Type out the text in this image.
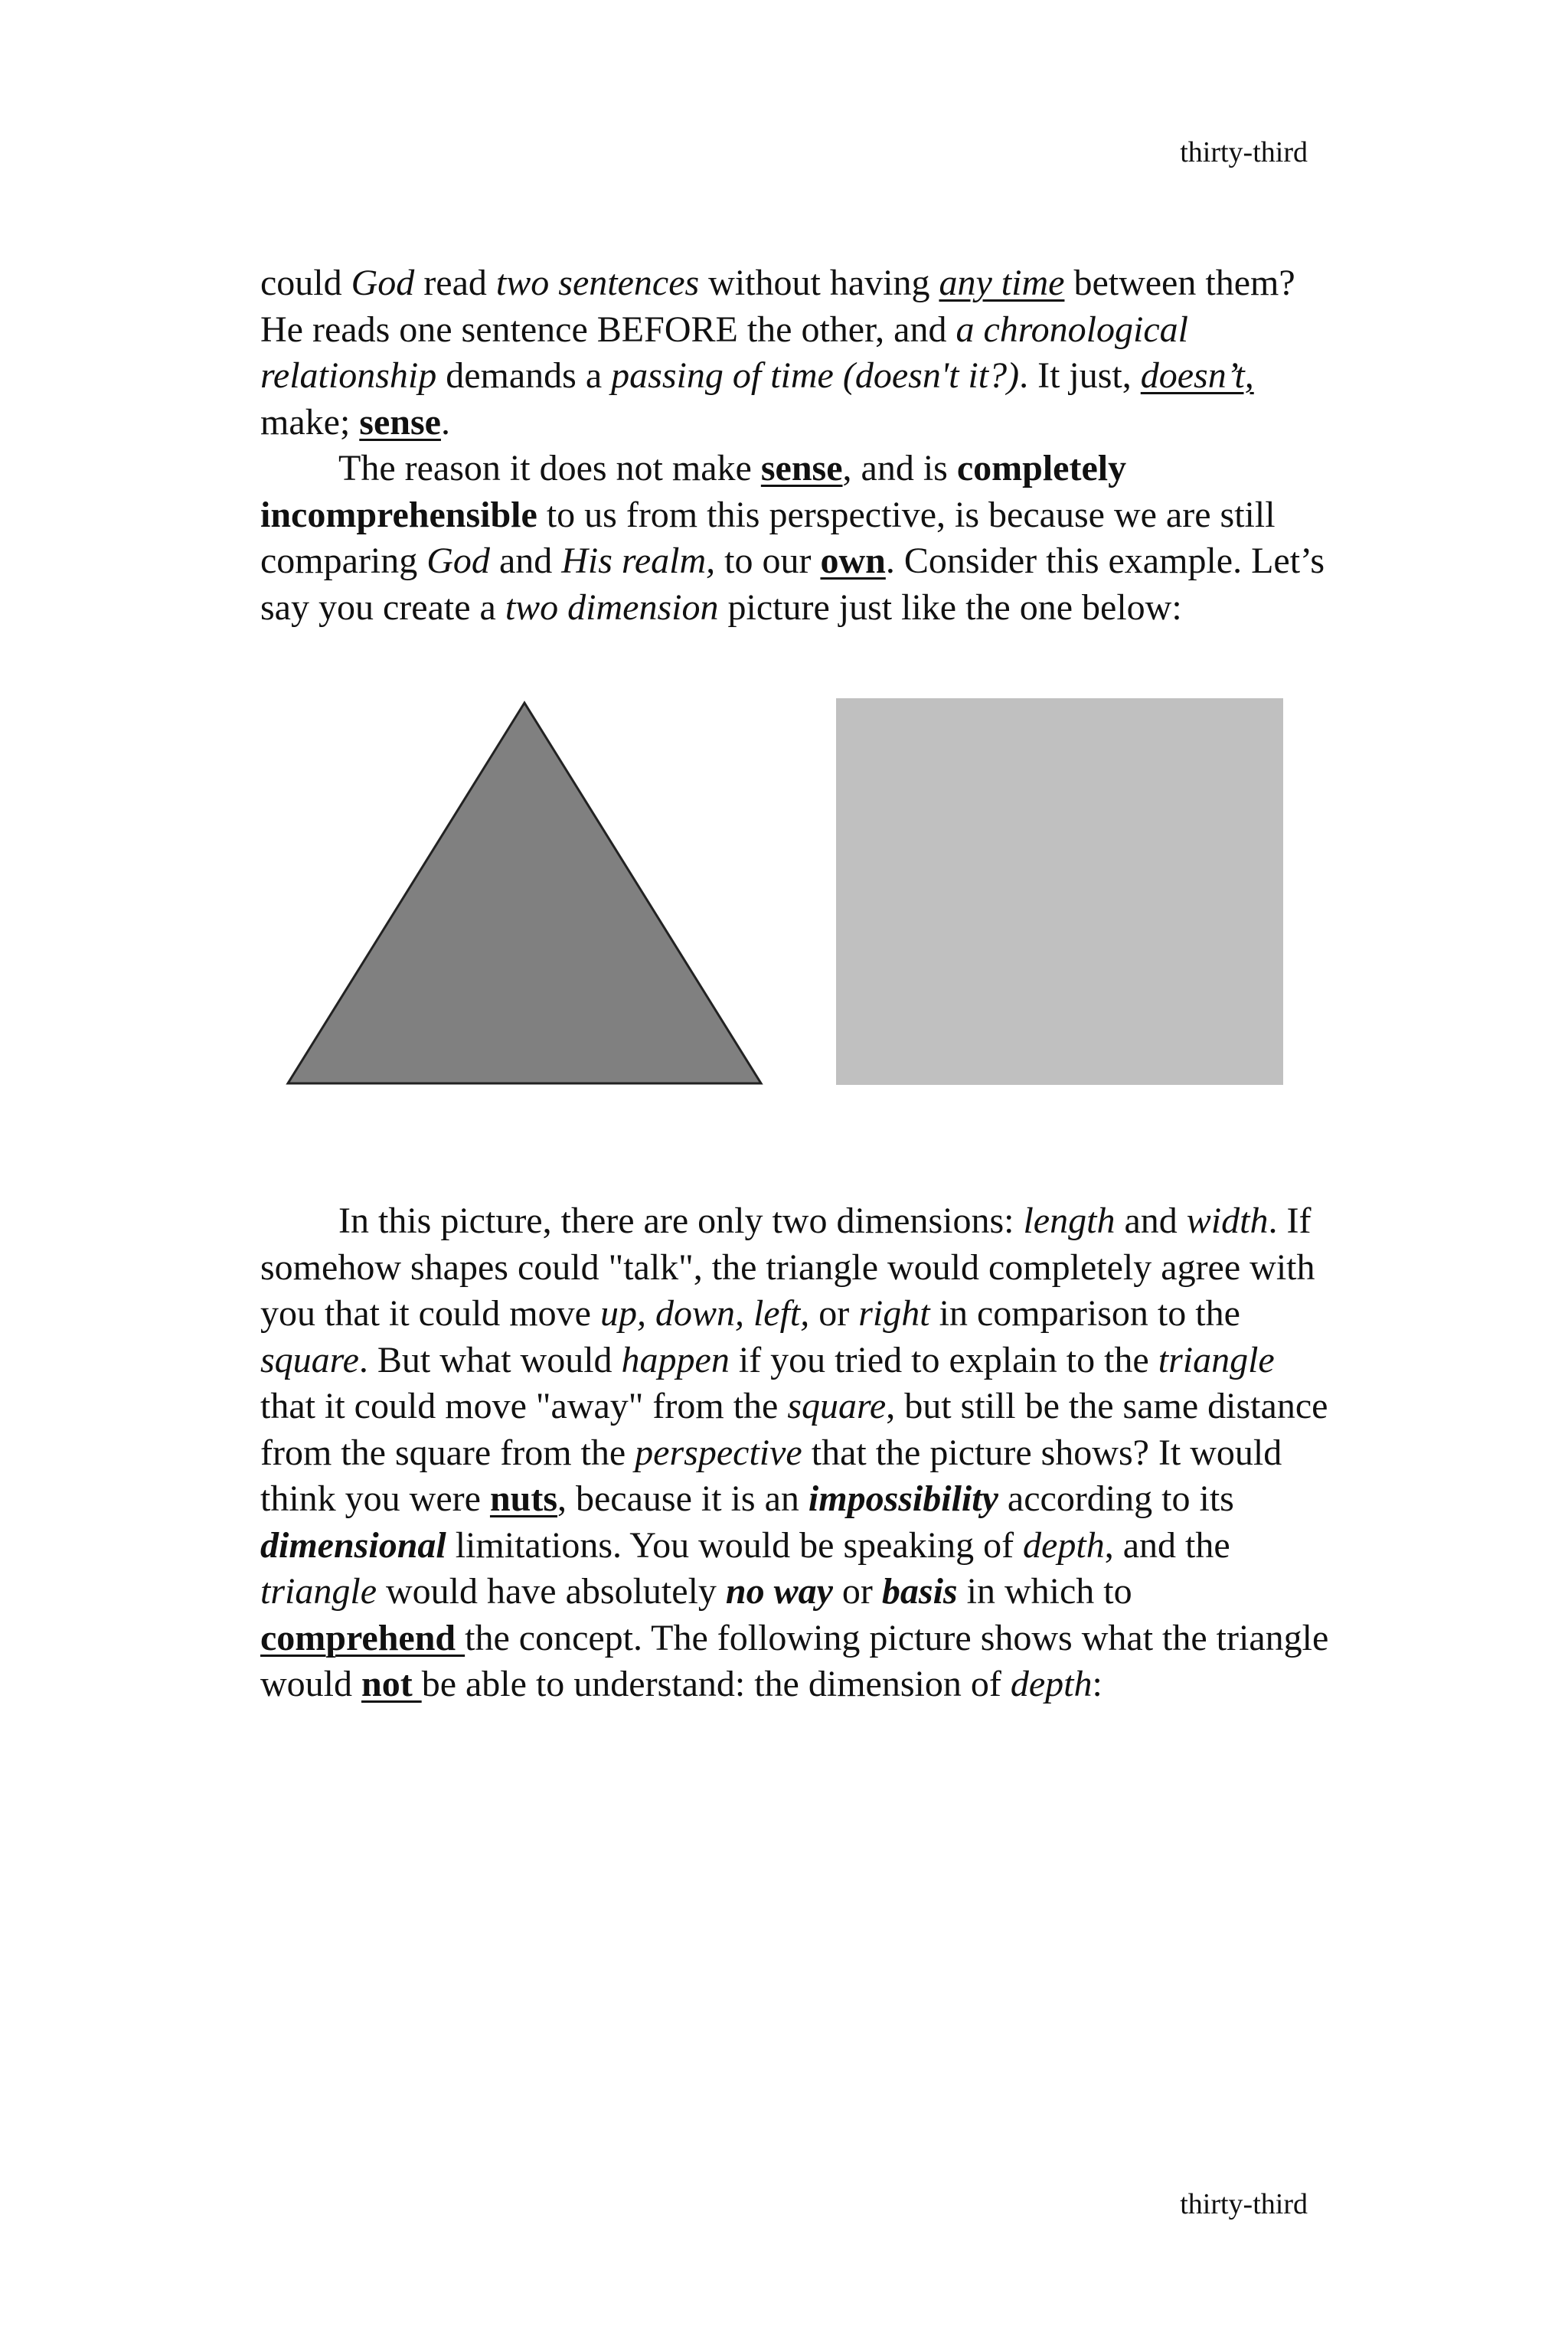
thirty-third

could God read two sentences without having any time between them? He reads one sentence BEFORE the other, and a chronological relationship demands a passing of time (doesn't it?). It just, doesn’t, make; sense.

The reason it does not make sense, and is completely incomprehensible to us from this perspective, is because we are still comparing God and His realm, to our own. Consider this example. Let’s say you create a two dimension picture just like the one below:

In this picture, there are only two dimensions: length and width. If somehow shapes could "talk", the triangle would completely agree with you that it could move up, down, left, or right in comparison to the square. But what would happen if you tried to explain to the triangle that it could move "away" from the square, but still be the same distance from the square from the perspective that the picture shows? It would think you were nuts, because it is an impossibility according to its dimensional limitations. You would be speaking of depth, and the triangle would have absolutely no way or basis in which to comprehend the concept. The following picture shows what the triangle would not be able to understand: the dimension of depth:

thirty-third
